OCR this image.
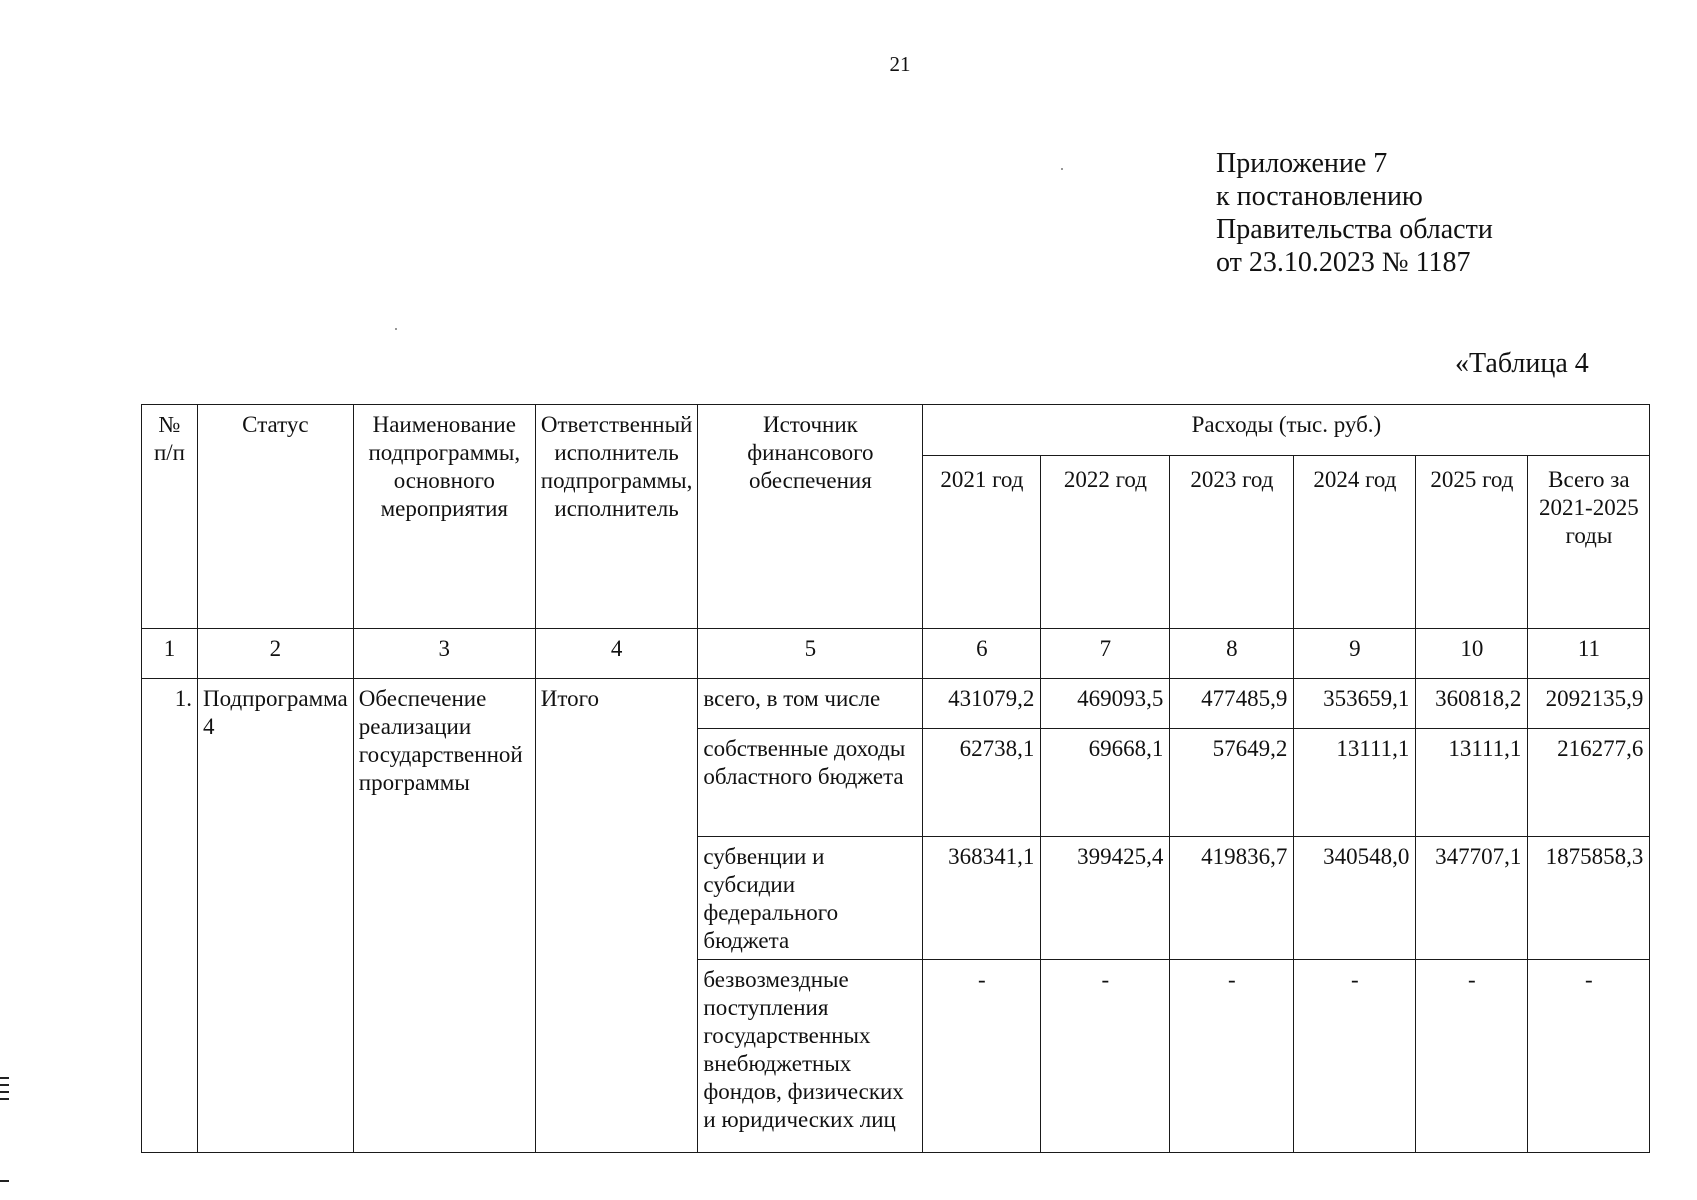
21
Приложение 7
к постановлению
Правительства области
от 23.10.2023 № 1187
«Таблица 4
№ п/п	Статус	Наименование подпрограммы, основного мероприятия	Ответственный исполнитель подпрограммы, исполнитель	Источник финансового обеспечения	Расходы (тыс. руб.)					
					2021 год	2022 год	2023 год	2024 год	2025 год	Всего за 2021-2025 годы
1	2	3	4	5	6	7	8	9	10	11
1.	Подпрограмма 4	Обеспечение реализации государственной программы	Итого	всего, в том числе	431079,2	469093,5	477485,9	353659,1	360818,2	2092135,9
				собственные доходы областного бюджета	62738,1	69668,1	57649,2	13111,1	13111,1	216277,6
				субвенции и субсидии федерального бюджета	368341,1	399425,4	419836,7	340548,0	347707,1	1875858,3
				безвозмездные поступления государственных внебюджетных фондов, физических и юридических лиц	-	-	-	-	-	-
